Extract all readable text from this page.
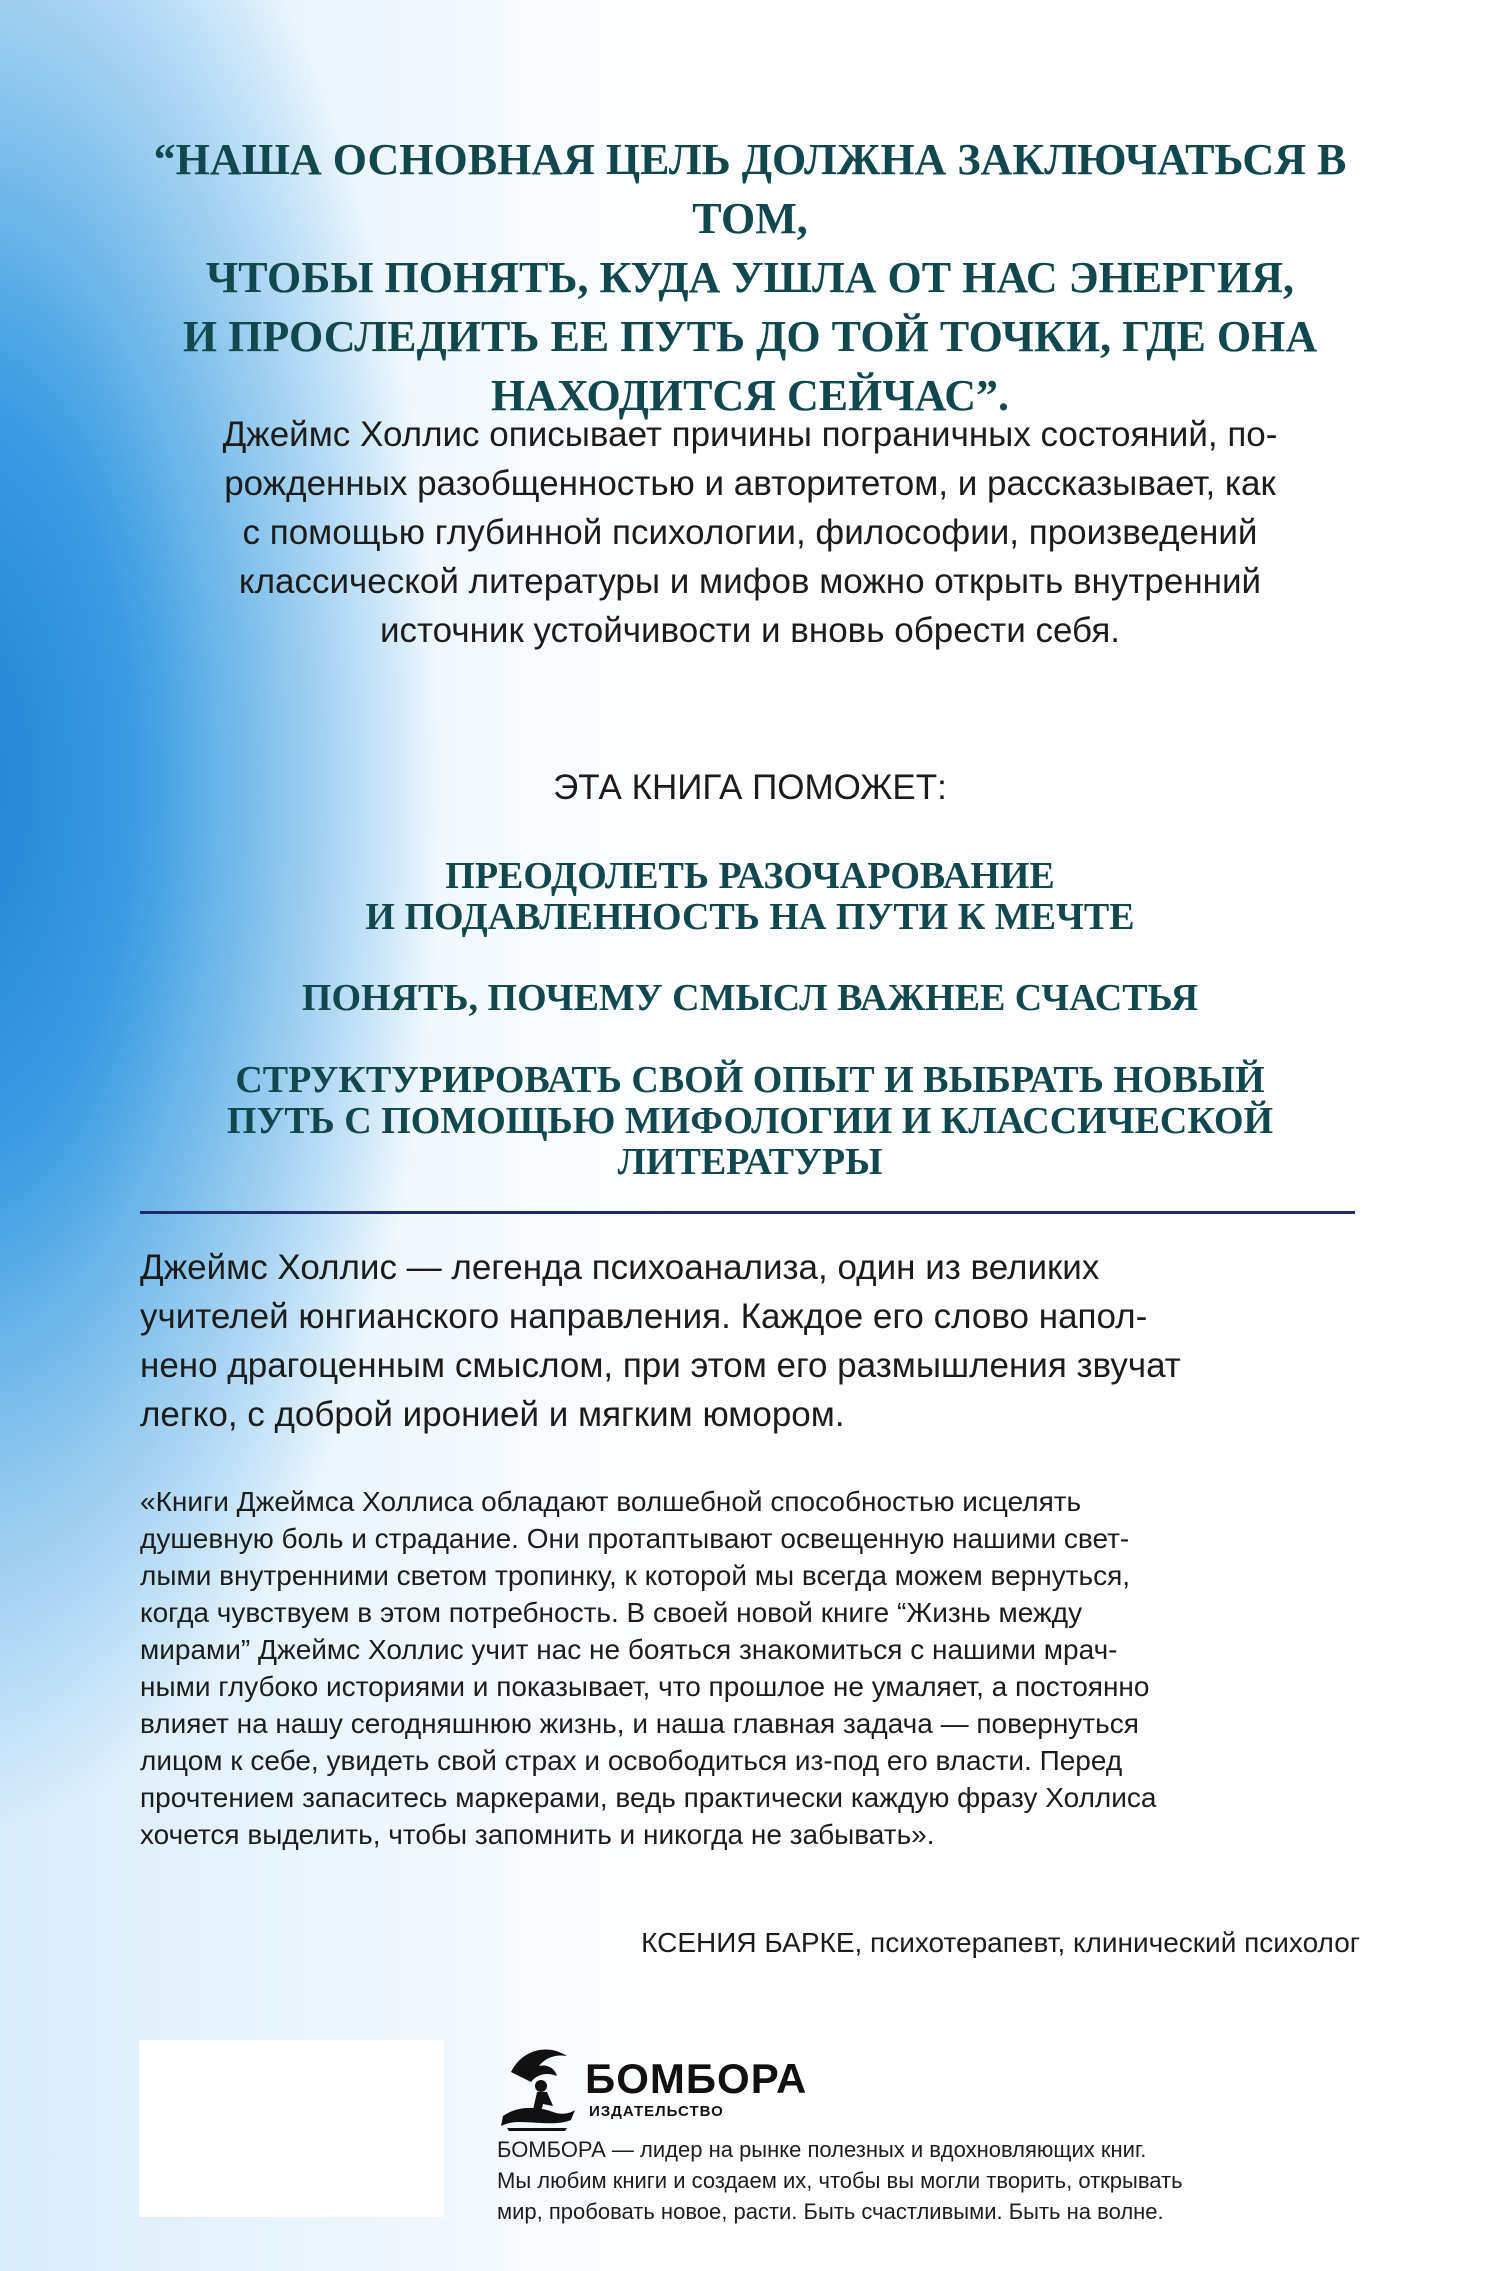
“НАША ОСНОВНАЯ ЦЕЛЬ ДОЛЖНА ЗАКЛЮЧАТЬСЯ В ТОМ,
ЧТОБЫ ПОНЯТЬ, КУДА УШЛА ОТ НАС ЭНЕРГИЯ,
И ПРОСЛЕДИТЬ ЕЕ ПУТЬ ДО ТОЙ ТОЧКИ, ГДЕ ОНА
НАХОДИТСЯ СЕЙЧАС”.
Джеймс Холлис описывает причины пограничных состояний, по-
рожденных разобщенностью и авторитетом, и рассказывает, как
с помощью глубинной психологии, философии, произведений
классической литературы и мифов можно открыть внутренний
источник устойчивости и вновь обрести себя.
ЭТА КНИГА ПОМОЖЕТ:
ПРЕОДОЛЕТЬ РАЗОЧАРОВАНИЕ
И ПОДАВЛЕННОСТЬ НА ПУТИ К МЕЧТЕ
ПОНЯТЬ, ПОЧЕМУ СМЫСЛ ВАЖНЕЕ СЧАСТЬЯ
СТРУКТУРИРОВАТЬ СВОЙ ОПЫТ И ВЫБРАТЬ НОВЫЙ
ПУТЬ С ПОМОЩЬЮ МИФОЛОГИИ И КЛАССИЧЕСКОЙ
ЛИТЕРАТУРЫ
Джеймс Холлис — легенда психоанализа, один из великих
учителей юнгианского направления. Каждое его слово напол-
нено драгоценным смыслом, при этом его размышления звучат
легко, с доброй иронией и мягким юмором.
«Книги Джеймса Холлиса обладают волшебной способностью исцелять
душевную боль и страдание. Они протаптывают освещенную нашими свет-
лыми внутренними светом тропинку, к которой мы всегда можем вернуться,
когда чувствуем в этом потребность. В своей новой книге “Жизнь между
мирами” Джеймс Холлис учит нас не бояться знакомиться с нашими мрач-
ными глубоко историями и показывает, что прошлое не умаляет, а постоянно
влияет на нашу сегодняшнюю жизнь, и наша главная задача — повернуться
лицом к себе, увидеть свой страх и освободиться из-под его власти. Перед
прочтением запаситесь маркерами, ведь практически каждую фразу Холлиса
хочется выделить, чтобы запомнить и никогда не забывать».
КСЕНИЯ БАРКЕ, психотерапевт, клинический психолог
БОМБОРА
ИЗДАТЕЛЬСТВО
БОМБОРА — лидер на рынке полезных и вдохновляющих книг.
Мы любим книги и создаем их, чтобы вы могли творить, открывать
мир, пробовать новое, расти. Быть счастливыми. Быть на волне.
